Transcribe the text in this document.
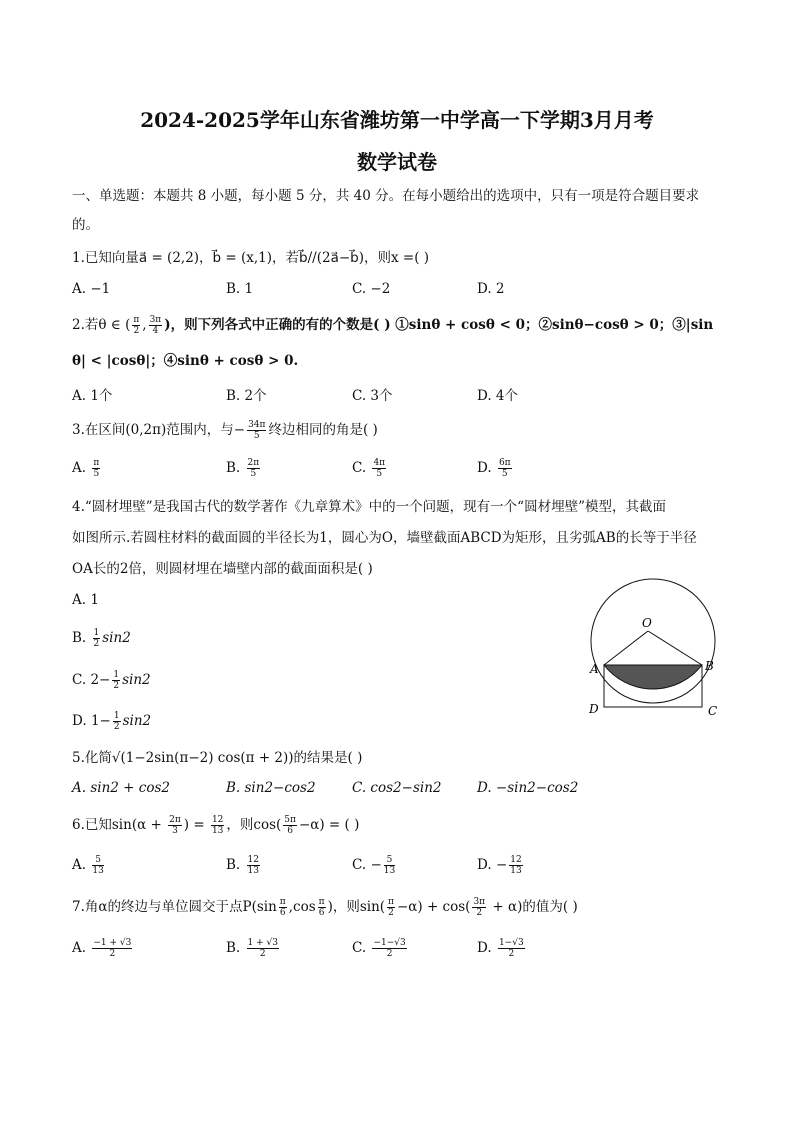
2024-2025学年山东省潍坊第一中学高一下学期3月月考
数学试卷
一、单选题：本题共 8 小题，每小题 5 分，共 40 分。在每小题给出的选项中，只有一项是符合题目要求
的。
1.已知向量a⃗ = (2,2)，b⃗ = (x,1)，若b⃗//(2a⃗−b⃗)，则x =( )
A. −1	B. 1	C. −2	D. 2
2.若θ ∈ ( $\frac{\pi}{2}$ , $\frac{3\pi}{4}$ )，则下列各式中正确的有的个数是( ) ①sinθ + cosθ < 0；②sinθ−cosθ > 0；③|sin
θ| < |cosθ|；④sinθ + cosθ > 0.
A. 1个	B. 2个	C. 3个	D. 4个
3.在区间(0,2π)范围内，与− $\frac{34\pi}{5}$ 终边相同的角是( )
A. $\frac{\pi}{5}$	B. $\frac{2\pi}{5}$	C. $\frac{4\pi}{5}$	D. $\frac{6\pi}{5}$
4.“圆材埋壁”是我国古代的数学著作《九章算术》中的一个问题，现有一个“圆材埋壁”模型，其截面
如图所示.若圆柱材料的截面圆的半径长为1，圆心为O，墙壁截面ABCD为矩形，且劣弧AB的长等于半径
OA长的2倍，则圆材埋在墙壁内部的截面面积是( )
A. 1
B. $\frac{1}{2} \sin 2$
C. $2- \frac{1}{2} \sin 2$
D. $1- \frac{1}{2} \sin 2$
O
A	B
C
D
5.化简√(1−2sin(π−2) cos(π + 2))的结果是( )
A. sin2 + cos2	B. sin2−cos2	C. cos2−sin2	D. −sin2−cos2
6.已知$\sin(\alpha + \frac{2\pi}{3}$ ) = $\frac{12}{13}$ ，则$\cos( \frac{5\pi}{6} -\alpha)$ = ( )
A. $\frac{5}{13}$	B. $\frac{12}{13}$	C. − $\frac{5}{13}$	D. − $\frac{12}{13}$
7.角α的终边与单位圆交于点$P(\sin \frac{\pi}{6} ,\cos \frac{\pi}{6}$ )，则$\sin( \frac{\pi}{2} -\alpha) + \cos( \frac{3\pi}{2} + \alpha)$的值为( )
A. $\frac{-1 + √3}{2}$	B. $\frac{1 + √3}{2}$	C. $\frac{-1-√3}{2}$	D. $\frac{1-√3}{2}$
